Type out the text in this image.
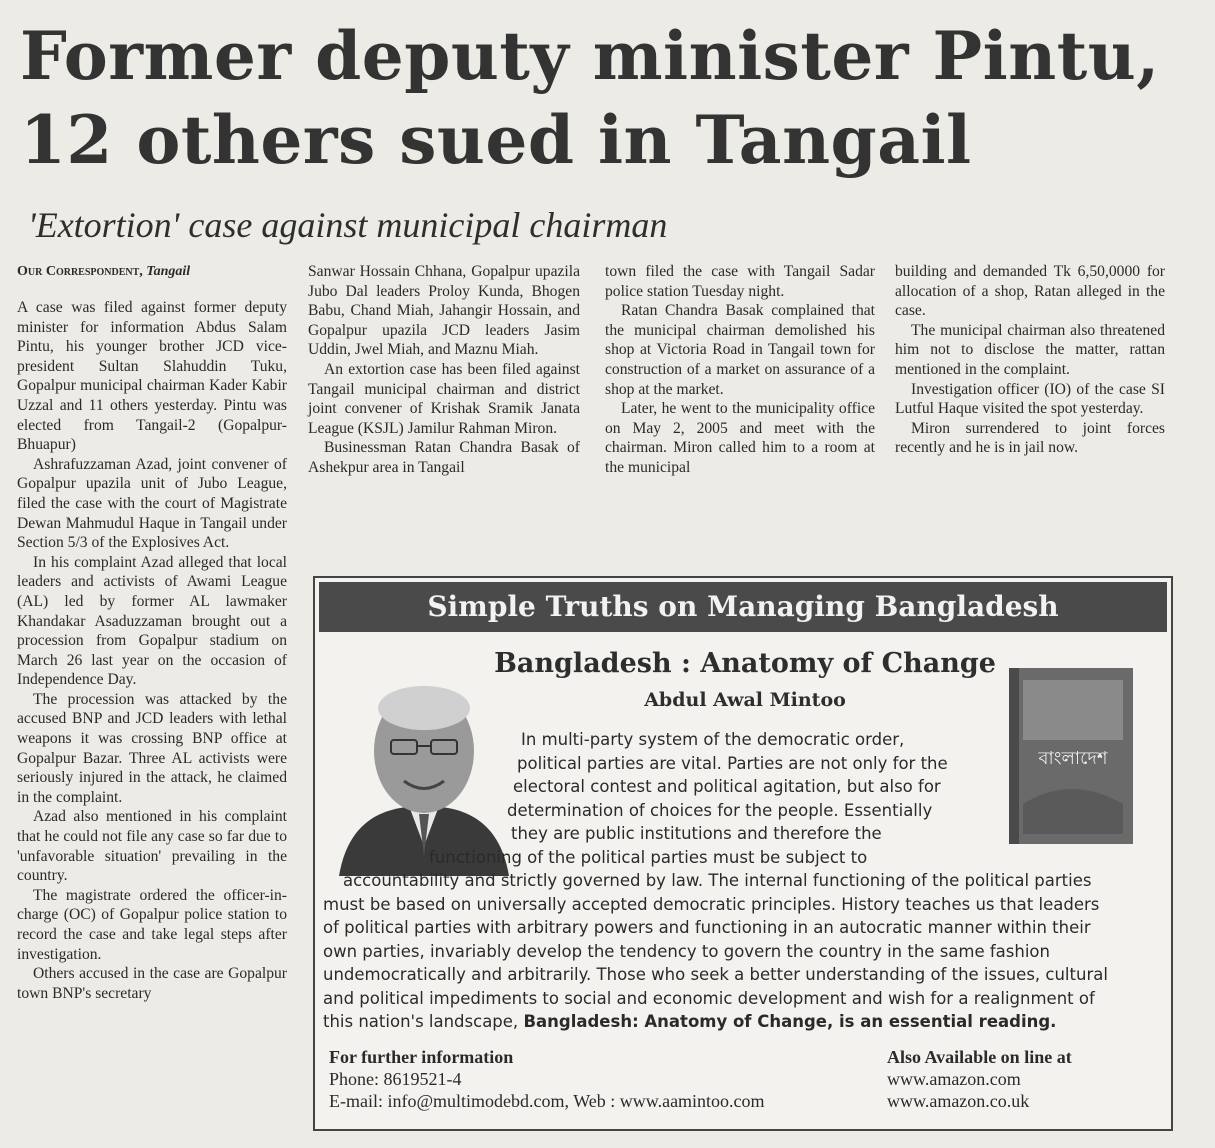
Former deputy minister Pintu,
12 others sued in Tangail
'Extortion' case against municipal chairman
Our Correspondent, Tangail

A case was filed against former deputy minister for information Abdus Salam Pintu, his younger brother JCD vice-president Sultan Slahuddin Tuku, Gopalpur municipal chairman Kader Kabir Uzzal and 11 others yesterday. Pintu was elected from Tangail-2 (Gopalpur-Bhuapur)

Ashrafuzzaman Azad, joint convener of Gopalpur upazila unit of Jubo League, filed the case with the court of Magistrate Dewan Mahmudul Haque in Tangail under Section 5/3 of the Explosives Act.

In his complaint Azad alleged that local leaders and activists of Awami League (AL) led by former AL lawmaker Khandakar Asaduzzaman brought out a procession from Gopalpur stadium on March 26 last year on the occasion of Independence Day.

The procession was attacked by the accused BNP and JCD leaders with lethal weapons it was crossing BNP office at Gopalpur Bazar. Three AL activists were seriously injured in the attack, he claimed in the complaint.

Azad also mentioned in his complaint that he could not file any case so far due to 'unfavorable situation' prevailing in the country.

The magistrate ordered the officer-in-charge (OC) of Gopalpur police station to record the case and take legal steps after investigation.

Others accused in the case are Gopalpur town BNP's secretary

Sanwar Hossain Chhana, Gopalpur upazila Jubo Dal leaders Proloy Kunda, Bhogen Babu, Chand Miah, Jahangir Hossain, and Gopalpur upazila JCD leaders Jasim Uddin, Jwel Miah, and Maznu Miah.

An extortion case has been filed against Tangail municipal chairman and district joint convener of Krishak Sramik Janata League (KSJL) Jamilur Rahman Miron.

Businessman Ratan Chandra Basak of Ashekpur area in Tangail

town filed the case with Tangail Sadar police station Tuesday night.

Ratan Chandra Basak complained that the municipal chairman demolished his shop at Victoria Road in Tangail town for construction of a market on assurance of a shop at the market.

Later, he went to the municipality office on May 2, 2005 and meet with the chairman. Miron called him to a room at the municipal

building and demanded Tk 6,50,0000 for allocation of a shop, Ratan alleged in the case.

The municipal chairman also threatened him not to disclose the matter, rattan mentioned in the complaint.

Investigation officer (IO) of the case SI Lutful Haque visited the spot yesterday.

Miron surrendered to joint forces recently and he is in jail now.

Simple Truths on Managing Bangladesh
বাংলাদেশ
Bangladesh : Anatomy of Change
Abdul Awal Mintoo
In multi-party system of the democratic order,
political parties are vital. Parties are not only for the
electoral contest and political agitation, but also for
determination of choices for the people. Essentially
they are public institutions and therefore the
functioning of the political parties must be subject to
accountability and strictly governed by law. The internal functioning of the political parties
must be based on universally accepted democratic principles. History teaches us that leaders
of political parties with arbitrary powers and functioning in an autocratic manner within their
own parties, invariably develop the tendency to govern the country in the same fashion
undemocratically and arbitrarily. Those who seek a better understanding of the issues, cultural
and political impediments to social and economic development and wish for a realignment of
this nation's landscape, Bangladesh: Anatomy of Change, is an essential reading.
For further information
Phone: 8619521-4
E-mail: info@multimodebd.com, Web : www.aamintoo.com
Also Available on line at
www.amazon.com
www.amazon.co.uk
